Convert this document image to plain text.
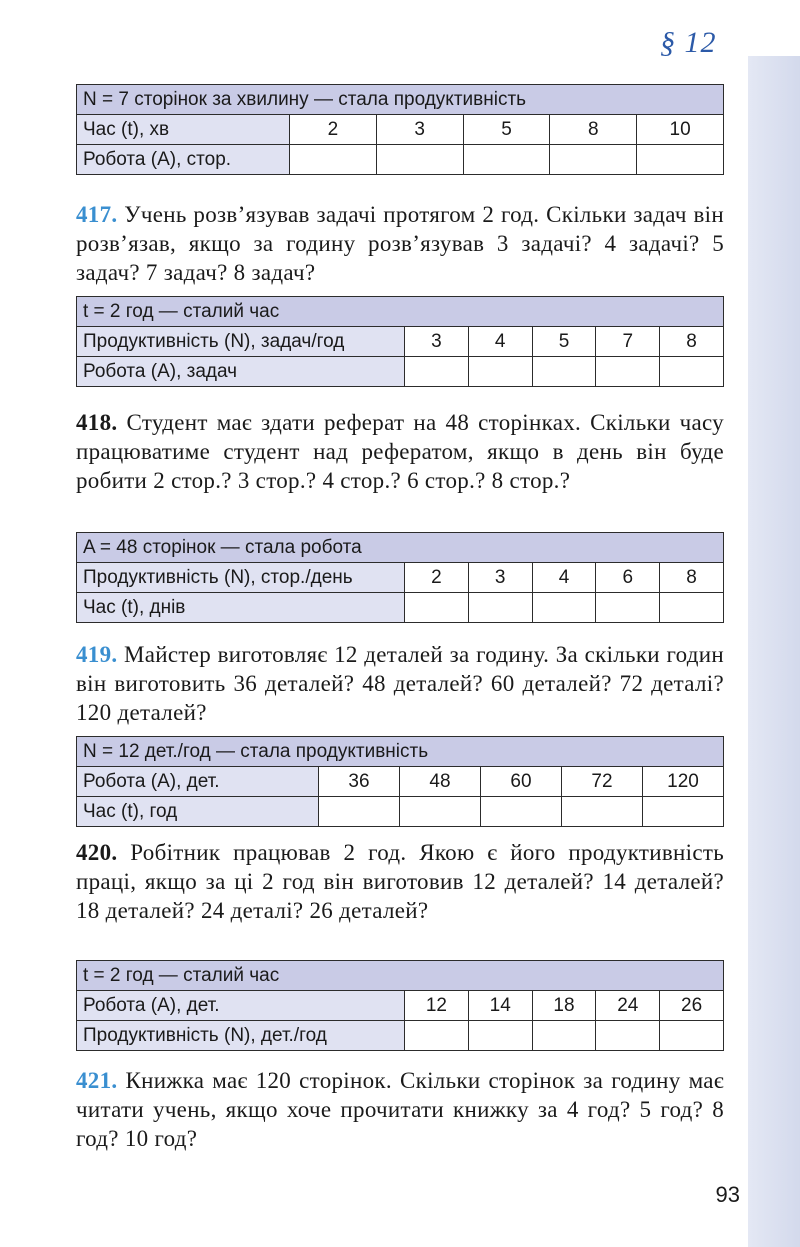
§ 12
N = 7 сторінок за хвилину — стала продуктивність					
Час (t), хв	2	3	5	8	10
Робота (A), стор.					
417. Учень розв’язував задачі протягом 2 год. Скільки задач він розв’язав, якщо за годину розв’язував 3 задачі? 4 задачі? 5 задач? 7 задач? 8 задач?
t = 2 год — сталий час					
Продуктивність (N), задач/год	3	4	5	7	8
Робота (A), задач					
418. Студент має здати реферат на 48 сторінках. Скільки часу працюватиме студент над рефератом, якщо в день він буде робити 2 стор.? 3 стор.? 4 стор.? 6 стор.? 8 стор.?
A = 48 сторінок — стала робота					
Продуктивність (N), стор./день	2	3	4	6	8
Час (t), днів					
419. Майстер виготовляє 12 деталей за годину. За скільки годин він виготовить 36 деталей? 48 деталей? 60 деталей? 72 деталі? 120 деталей?
N = 12 дет./год — стала продуктивність					
Робота (A), дет.	36	48	60	72	120
Час (t), год					
420. Робітник працював 2 год. Якою є його продуктивність праці, якщо за ці 2 год він виготовив 12 деталей? 14 деталей? 18 деталей? 24 деталі? 26 деталей?
t = 2 год — сталий час					
Робота (A), дет.	12	14	18	24	26
Продуктивність (N), дет./год					
421. Книжка має 120 сторінок. Скільки сторінок за годину має читати учень, якщо хоче прочитати книжку за 4 год? 5 год? 8 год? 10 год?
93
